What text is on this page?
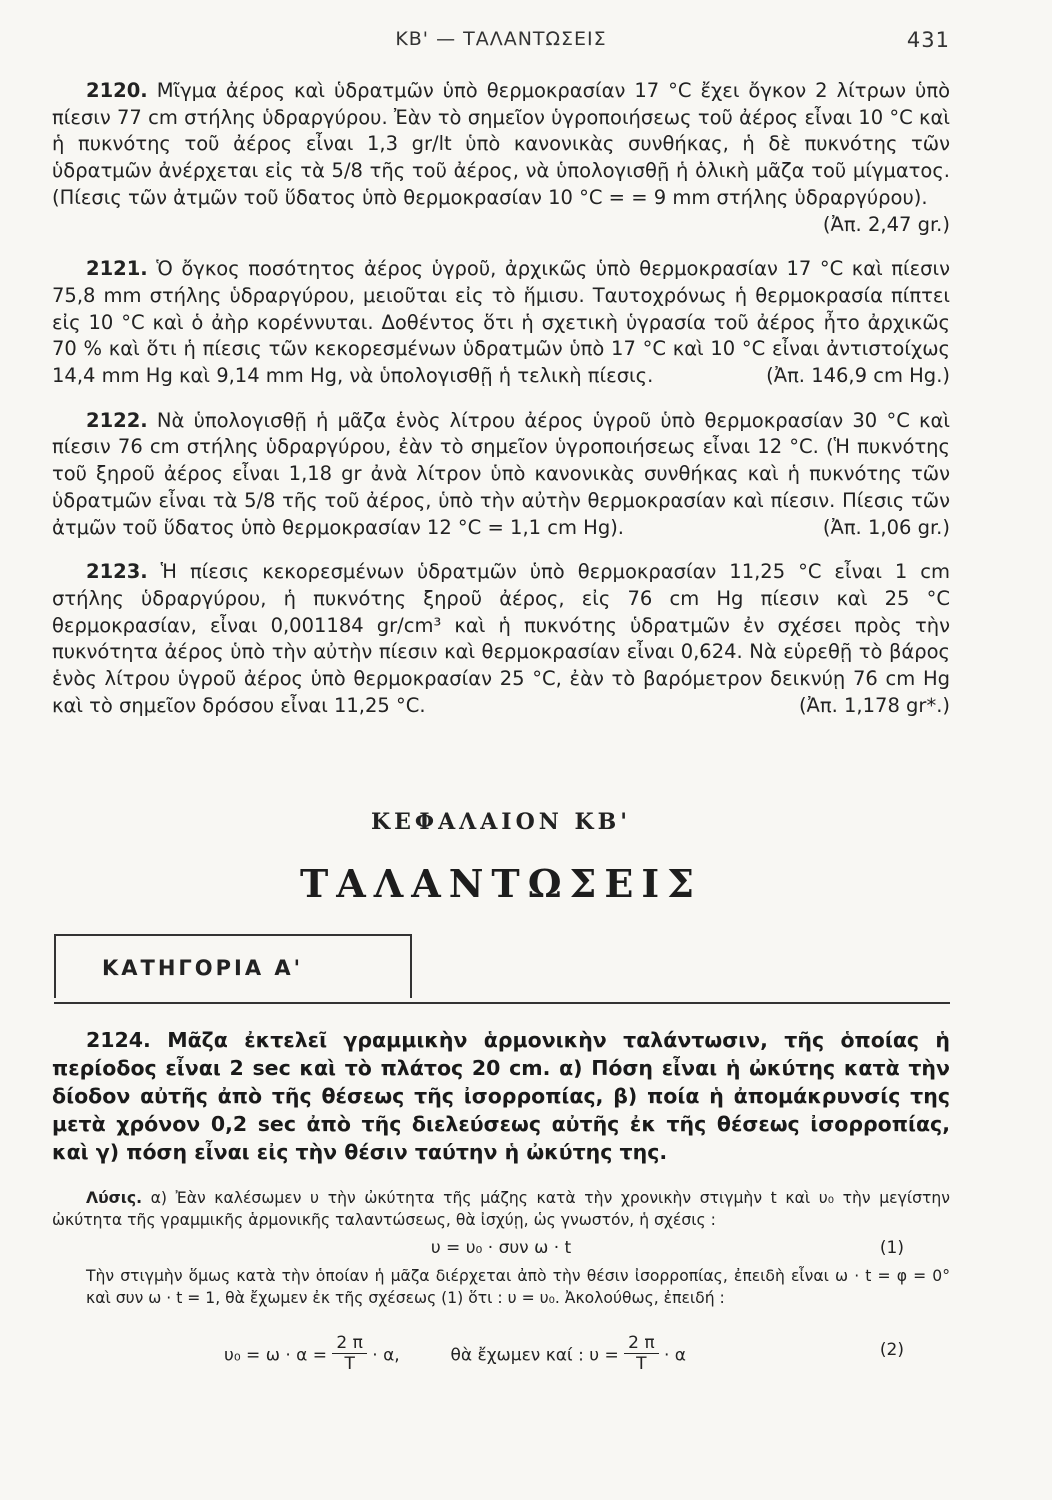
ΚΒ' — ΤΑΛΑΝΤΩΣΕΙΣ	431

2120. Μῖγμα ἀέρος καὶ ὑδρατμῶν ὑπὸ θερμοκρασίαν 17 °C ἔχει ὄγκον 2 λίτρων ὑπὸ πίεσιν 77 cm στήλης ὑδραργύρου. Ἐὰν τὸ σημεῖον ὑγροποιήσεως τοῦ ἀέρος εἶναι 10 °C καὶ ἡ πυκνότης τοῦ ἀέρος εἶναι 1,3 gr/lt ὑπὸ κανονικὰς συνθήκας, ἡ δὲ πυκνότης τῶν ὑδρατμῶν ἀνέρχεται εἰς τὰ 5/8 τῆς τοῦ ἀέρος, νὰ ὑπολογισθῇ ἡ ὁλικὴ μᾶζα τοῦ μίγματος. (Πίεσις τῶν ἀτμῶν τοῦ ὕδατος ὑπὸ θερμοκρασίαν 10 °C = = 9 mm στήλης ὑδραργύρου).
(Ἀπ. 2,47 gr.)

2121. Ὁ ὄγκος ποσότητος ἀέρος ὑγροῦ, ἀρχικῶς ὑπὸ θερμοκρασίαν 17 °C καὶ πίεσιν 75,8 mm στήλης ὑδραργύρου, μειοῦται εἰς τὸ ἥμισυ. Ταυτοχρόνως ἡ θερμοκρασία πίπτει εἰς 10 °C καὶ ὁ ἀὴρ κορέννυται. Δοθέντος ὅτι ἡ σχετικὴ ὑγρασία τοῦ ἀέρος ἦτο ἀρχικῶς 70 % καὶ ὅτι ἡ πίεσις τῶν κεκορεσμένων ὑδρατμῶν ὑπὸ 17 °C καὶ 10 °C εἶναι ἀντιστοίχως 14,4 mm Hg καὶ 9,14 mm Hg, νὰ ὑπολογισθῇ ἡ τελικὴ πίεσις.	(Ἀπ. 146,9 cm Hg.)

2122. Νὰ ὑπολογισθῇ ἡ μᾶζα ἑνὸς λίτρου ἀέρος ὑγροῦ ὑπὸ θερμοκρασίαν 30 °C καὶ πίεσιν 76 cm στήλης ὑδραργύρου, ἐὰν τὸ σημεῖον ὑγροποιήσεως εἶναι 12 °C. (Ἡ πυκνότης τοῦ ξηροῦ ἀέρος εἶναι 1,18 gr ἀνὰ λίτρον ὑπὸ κανονικὰς συνθήκας καὶ ἡ πυκνότης τῶν ὑδρατμῶν εἶναι τὰ 5/8 τῆς τοῦ ἀέρος, ὑπὸ τὴν αὐτὴν θερμοκρασίαν καὶ πίεσιν. Πίεσις τῶν ἀτμῶν τοῦ ὕδατος ὑπὸ θερμοκρασίαν 12 °C = 1,1 cm Hg).	(Ἀπ. 1,06 gr.)

2123. Ἡ πίεσις κεκορεσμένων ὑδρατμῶν ὑπὸ θερμοκρασίαν 11,25 °C εἶναι 1 cm στήλης ὑδραργύρου, ἡ πυκνότης ξηροῦ ἀέρος, εἰς 76 cm Hg πίεσιν καὶ 25 °C θερμοκρασίαν, εἶναι 0,001184 gr/cm³ καὶ ἡ πυκνότης ὑδρατμῶν ἐν σχέσει πρὸς τὴν πυκνότητα ἀέρος ὑπὸ τὴν αὐτὴν πίεσιν καὶ θερμοκρασίαν εἶναι 0,624. Νὰ εὑρεθῇ τὸ βάρος ἑνὸς λίτρου ὑγροῦ ἀέρος ὑπὸ θερμοκρασίαν 25 °C, ἐὰν τὸ βαρόμετρον δεικνύῃ 76 cm Hg καὶ τὸ σημεῖον δρόσου εἶναι 11,25 °C.	(Ἀπ. 1,178 gr*.)

ΚΕΦΑΛΑΙΟΝ ΚΒ'
ΤΑΛΑΝΤΩΣΕΙΣ
ΚΑΤΗΓΟΡΙΑ Α'

2124. Μᾶζα ἐκτελεῖ γραμμικὴν ἁρμονικὴν ταλάντωσιν, τῆς ὁποίας ἡ περίοδος εἶναι 2 sec καὶ τὸ πλάτος 20 cm. α) Πόση εἶναι ἡ ὠκύτης κατὰ τὴν δίοδον αὐτῆς ἀπὸ τῆς θέσεως τῆς ἰσορροπίας, β) ποία ἡ ἀπομάκρυνσίς της μετὰ χρόνον 0,2 sec ἀπὸ τῆς διελεύσεως αὐτῆς ἐκ τῆς θέσεως ἰσορροπίας, καὶ γ) πόση εἶναι εἰς τὴν θέσιν ταύτην ἡ ὠκύτης της.

Λύσις. α) Ἐὰν καλέσωμεν υ τὴν ὠκύτητα τῆς μάζης κατὰ τὴν χρονικὴν στιγμὴν t καὶ υ₀ τὴν μεγίστην ὠκύτητα τῆς γραμμικῆς ἁρμονικῆς ταλαντώσεως, θὰ ἰσχύῃ, ὡς γνωστόν, ἡ σχέσις :
υ = υ₀ · συν ω · t	(1)
Τὴν στιγμὴν ὅμως κατὰ τὴν ὁποίαν ἡ μᾶζα διέρχεται ἀπὸ τὴν θέσιν ἰσορροπίας, ἐπειδὴ εἶναι ω · t = φ = 0° καὶ συν ω · t = 1, θὰ ἔχωμεν ἐκ τῆς σχέσεως (1) ὅτι : υ = υ₀. Ἀκολούθως, ἐπειδή :
$\upsilon_0 = \omega \cdot \alpha = \frac{2 \pi}{T} \cdot \alpha$,	θὰ ἔχωμεν καί : $\upsilon = \frac{2 \pi}{T} \cdot \alpha$	(2)
